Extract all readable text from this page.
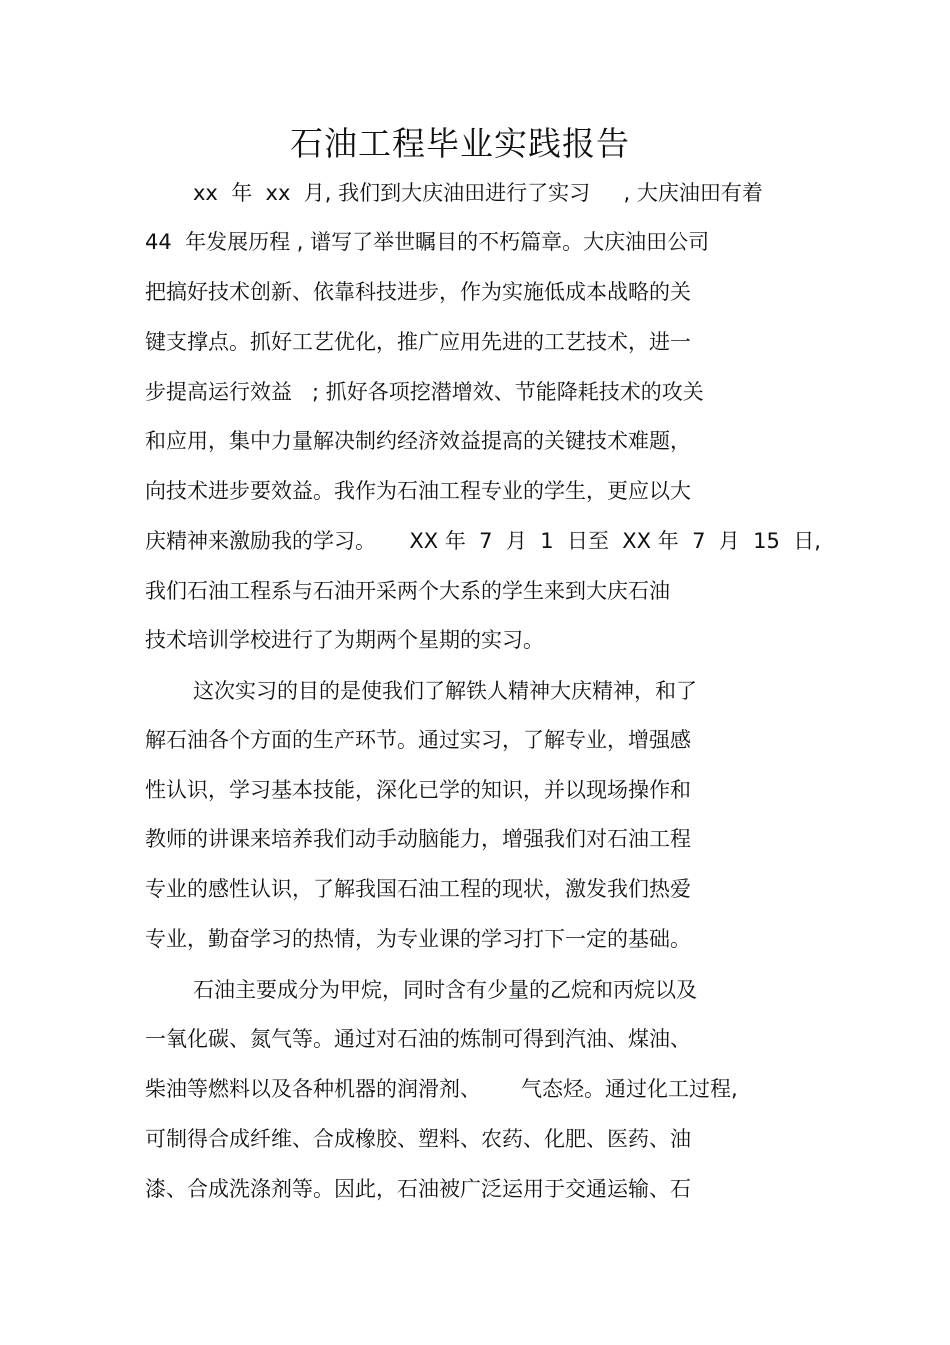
石油工程毕业实践报告
xx  年  xx  月, 我们到大庆油田进行了实习     , 大庆油田有着
44  年发展历程 , 谱写了举世瞩目的不朽篇章。大庆油田公司
把搞好技术创新、依靠科技进步，作为实施低成本战略的关
键支撑点。抓好工艺优化，推广应用先进的工艺技术，进一
步提高运行效益   ; 抓好各项挖潜增效、节能降耗技术的攻关
和应用，集中力量解决制约经济效益提高的关键技术难题，
向技术进步要效益。我作为石油工程专业的学生，更应以大
庆精神来激励我的学习。     XX 年  7  月  1  日至  XX 年  7  月  15  日,
我们石油工程系与石油开采两个大系的学生来到大庆石油
技术培训学校进行了为期两个星期的实习。
这次实习的目的是使我们了解铁人精神大庆精神，和了
解石油各个方面的生产环节。通过实习，了解专业，增强感
性认识，学习基本技能，深化已学的知识，并以现场操作和
教师的讲课来培养我们动手动脑能力，增强我们对石油工程
专业的感性认识，了解我国石油工程的现状，激发我们热爱
专业，勤奋学习的热情，为专业课的学习打下一定的基础。
石油主要成分为甲烷，同时含有少量的乙烷和丙烷以及
一氧化碳、氮气等。通过对石油的炼制可得到汽油、煤油、
柴油等燃料以及各种机器的润滑剂、      气态烃。通过化工过程,
可制得合成纤维、合成橡胶、塑料、农药、化肥、医药、油
漆、合成洗涤剂等。因此，石油被广泛运用于交通运输、石
